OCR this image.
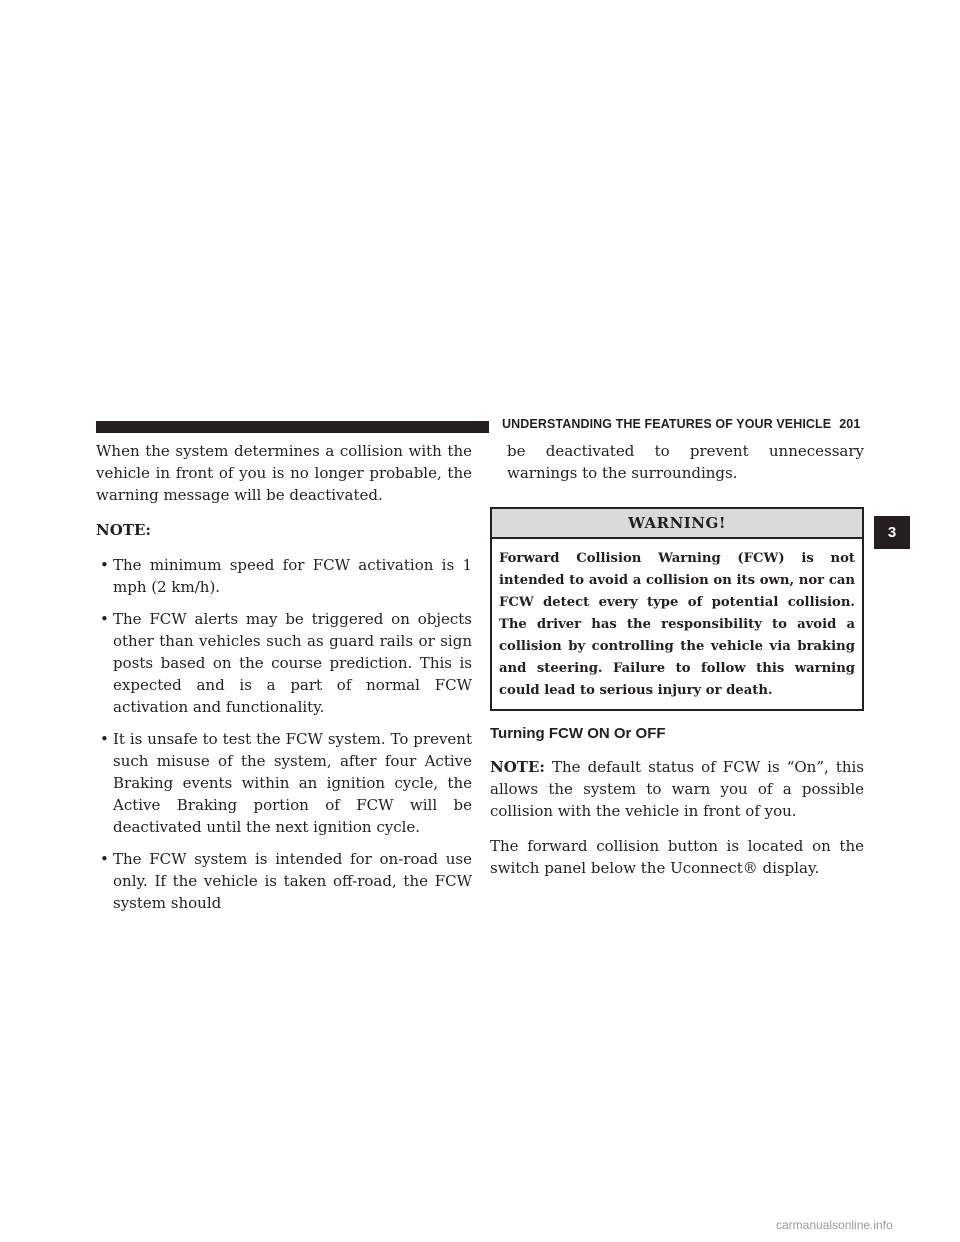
UNDERSTANDING THE FEATURES OF YOUR VEHICLE 201

When the system determines a collision with the vehicle in front of you is no longer probable, the warning message will be deactivated.

NOTE:
• The minimum speed for FCW activation is 1 mph (2 km/h).
• The FCW alerts may be triggered on objects other than vehicles such as guard rails or sign posts based on the course prediction. This is expected and is a part of normal FCW activation and functionality.
• It is unsafe to test the FCW system. To prevent such misuse of the system, after four Active Braking events within an ignition cycle, the Active Braking portion of FCW will be deactivated until the next ignition cycle.
• The FCW system is intended for on-road use only. If the vehicle is taken off-road, the FCW system should

be deactivated to prevent unnecessary warnings to the surroundings.

WARNING!
Forward Collision Warning (FCW) is not intended to avoid a collision on its own, nor can FCW detect every type of potential collision. The driver has the responsibility to avoid a collision by controlling the vehicle via braking and steering. Failure to follow this warning could lead to serious injury or death.
Turning FCW ON Or OFF

NOTE: The default status of FCW is “On”, this allows the system to warn you of a possible collision with the vehicle in front of you.

The forward collision button is located on the switch panel below the Uconnect® display.

3
carmanualsonline.info
